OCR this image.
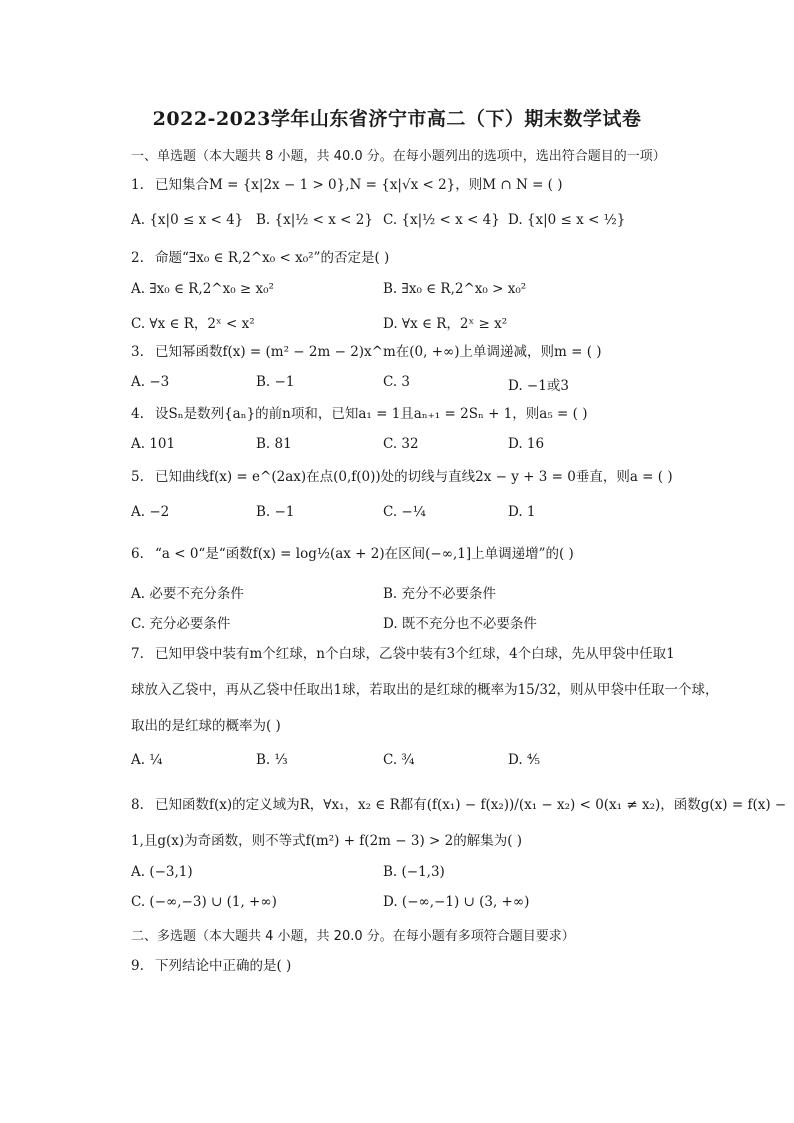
2022-2023学年山东省济宁市高二（下）期末数学试卷
一、单选题（本大题共 8 小题，共 40.0 分。在每小题列出的选项中，选出符合题目的一项）
1. 已知集合M = {x|2x − 1 > 0},N = {x|√x < 2}，则M ∩ N = ( )
A. {x|0 ≤ x < 4} B. {x|½ < x < 2} C. {x|½ < x < 4} D. {x|0 ≤ x < ½}
2. 命题“∃x₀ ∈ R,2^x₀ < x₀²”的否定是( )
A. ∃x₀ ∈ R,2^x₀ ≥ x₀²	B. ∃x₀ ∈ R,2^x₀ > x₀²
C. ∀x ∈ R，2ˣ < x²	D. ∀x ∈ R，2ˣ ≥ x²
3. 已知幂函数f(x) = (m² − 2m − 2)x^m在(0, +∞)上单调递减，则m = ( )
A. −3	B. −1	C. 3	D. −1或3
4. 设Sₙ是数列{aₙ}的前n项和，已知a₁ = 1且aₙ₊₁ = 2Sₙ + 1，则a₅ = ( )
A. 101	B. 81	C. 32	D. 16
5. 已知曲线f(x) = e^(2ax)在点(0,f(0))处的切线与直线2x − y + 3 = 0垂直，则a = ( )
A. −2	B. −1	C. −¼	D. 1
6. “a < 0“是“函数f(x) = log½(ax + 2)在区间(−∞,1]上单调递增”的( )
A. 必要不充分条件	B. 充分不必要条件
C. 充分必要条件	D. 既不充分也不必要条件
7. 已知甲袋中装有m个红球，n个白球，乙袋中装有3个红球，4个白球，先从甲袋中任取1
球放入乙袋中，再从乙袋中任取出1球，若取出的是红球的概率为15/32，则从甲袋中任取一个球，
取出的是红球的概率为( )
A. ¼	B. ⅓	C. ¾	D. ⅘
8. 已知函数f(x)的定义域为R，∀x₁，x₂ ∈ R都有(f(x₁) − f(x₂))/(x₁ − x₂) < 0(x₁ ≠ x₂)，函数g(x) = f(x) −
1,且g(x)为奇函数，则不等式f(m²) + f(2m − 3) > 2的解集为( )
A. (−3,1)	B. (−1,3)
C. (−∞,−3) ∪ (1, +∞)	D. (−∞,−1) ∪ (3, +∞)
二、多选题（本大题共 4 小题，共 20.0 分。在每小题有多项符合题目要求）
9. 下列结论中正确的是( )
